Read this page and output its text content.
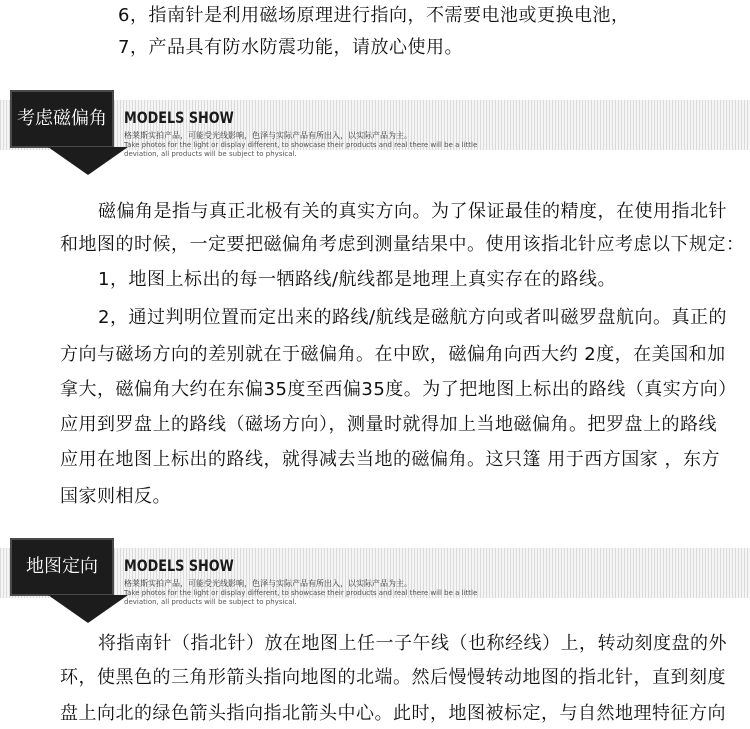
6，指南针是利用磁场原理进行指向，不需要电池或更换电池，
7，产品具有防水防震功能，请放心使用。
考虑磁偏角	MODELS SHOW
格莱斯实拍产品，可能受光线影响，色泽与实际产品有所出入，以实际产品为主。
Take photos for the light or display different, to showcase their products and real there will be a little deviation, all products will be subject to physical.
磁偏角是指与真正北极有关的真实方向。为了保证最佳的精度，在使用指北针
和地图的时候，一定要把磁偏角考虑到测量结果中。使用该指北针应考虑以下规定：
1，地图上标出的每一牺路线/航线都是地理上真实存在的路线。
2，通过判明位置而定出来的路线/航线是磁航方向或者叫磁罗盘航向。真正的
方向与磁场方向的差别就在于磁偏角。在中欧，磁偏角向西大约 2度，在美国和加
拿大，磁偏角大约在东偏35度至西偏35度。为了把地图上标出的路线（真实方向）
应用到罗盘上的路线（磁场方向），测量时就得加上当地磁偏角。把罗盘上的路线
应用在地图上标出的路线，就得减去当地的磁偏角。这只篷 用于西方国家 ，东方
国家则相反。
地图定向	MODELS SHOW
格莱斯实拍产品，可能受光线影响，色泽与实际产品有所出入，以实际产品为主。
Take photos for the light or display different, to showcase their products and real there will be a little deviation, all products will be subject to physical.
将指南针（指北针）放在地图上任一子午线（也称经线）上，转动刻度盘的外
环，使黑色的三角形箭头指向地图的北端。然后慢慢转动地图的指北针，直到刻度
盘上向北的绿色箭头指向指北箭头中心。此时，地图被标定，与自然地理特征方向
